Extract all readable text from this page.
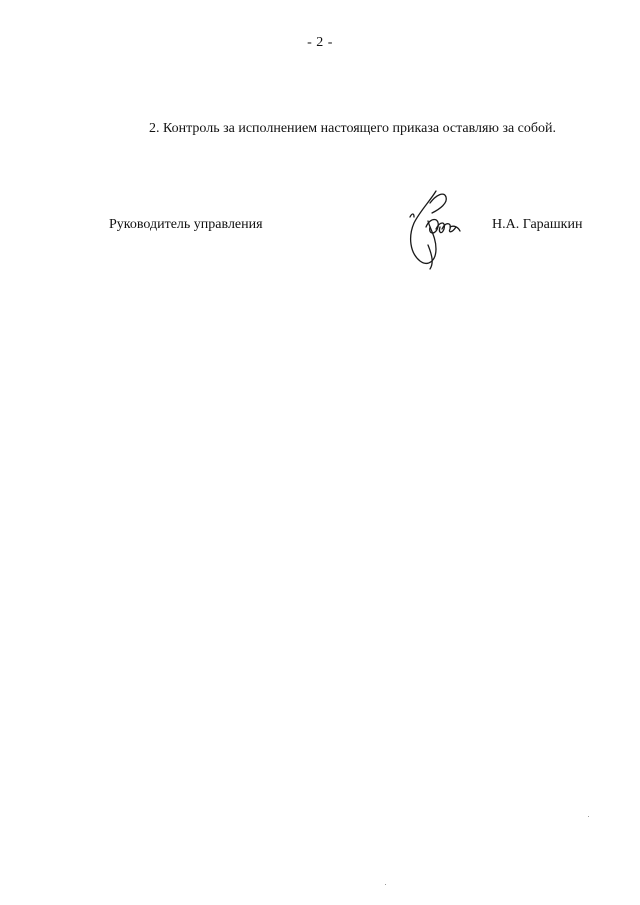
- 2 -
2. Контроль за исполнением настоящего приказа оставляю за собой.
Руководитель управления	Н.А. Гарашкин
